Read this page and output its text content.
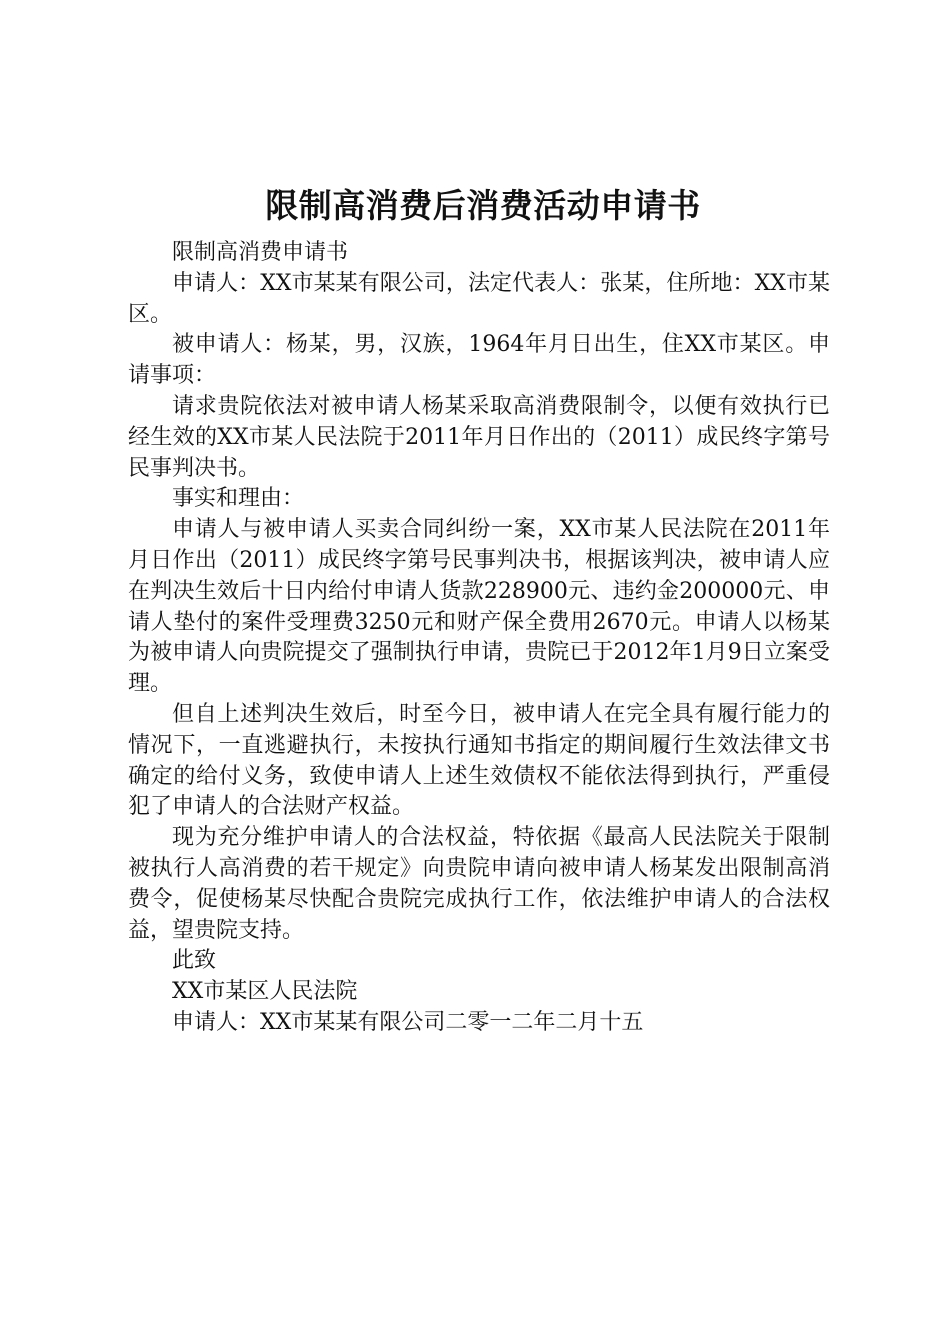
限制高消费后消费活动申请书

限制高消费申请书

申请人：XX市某某有限公司，法定代表人：张某，住所地：XX市某区。

被申请人：杨某，男，汉族，1964年月日出生，住XX市某区。申请事项：

请求贵院依法对被申请人杨某采取高消费限制令，以便有效执行已经生效的XX市某人民法院于2011年月日作出的（2011）成民终字第号民事判决书。

事实和理由：

申请人与被申请人买卖合同纠纷一案，XX市某人民法院在2011年月日作出（2011）成民终字第号民事判决书，根据该判决，被申请人应在判决生效后十日内给付申请人货款228900元、违约金200000元、申请人垫付的案件受理费3250元和财产保全费用2670元。申请人以杨某为被申请人向贵院提交了强制执行申请，贵院已于2012年1月9日立案受理。

但自上述判决生效后，时至今日，被申请人在完全具有履行能力的情况下，一直逃避执行，未按执行通知书指定的期间履行生效法律文书确定的给付义务，致使申请人上述生效债权不能依法得到执行，严重侵犯了申请人的合法财产权益。

现为充分维护申请人的合法权益，特依据《最高人民法院关于限制被执行人高消费的若干规定》向贵院申请向被申请人杨某发出限制高消费令，促使杨某尽快配合贵院完成执行工作，依法维护申请人的合法权益，望贵院支持。

此致

XX市某区人民法院

申请人：XX市某某有限公司二零一二年二月十五
